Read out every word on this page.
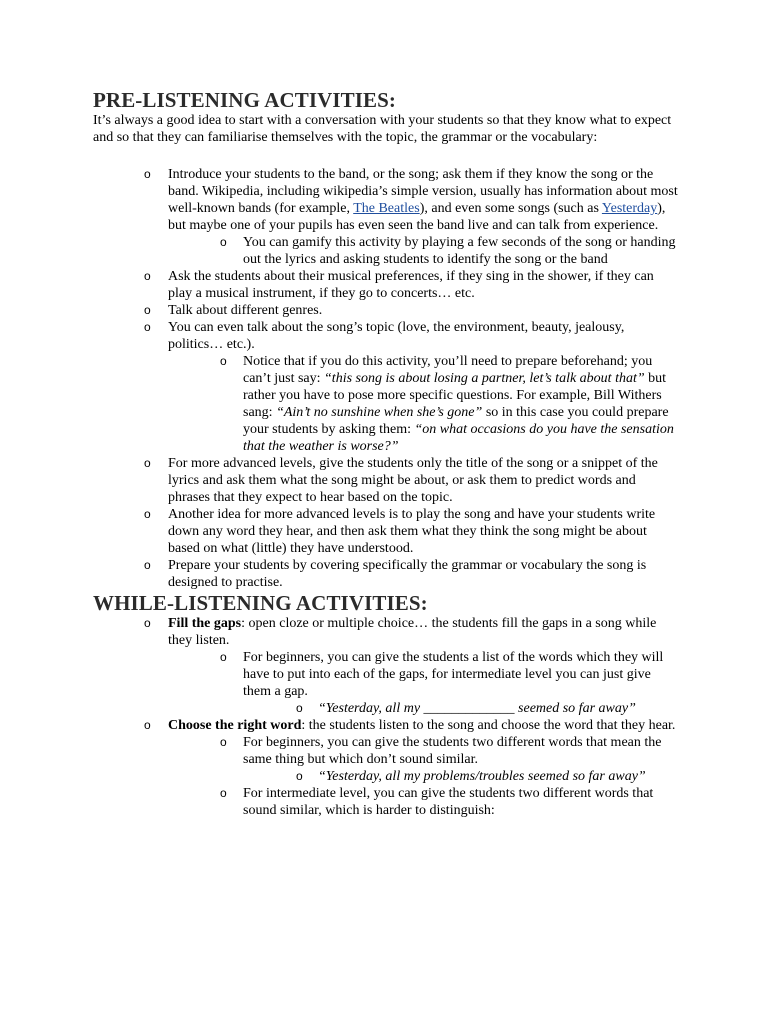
PRE-LISTENING ACTIVITIES:

It’s always a good idea to start with a conversation with your students so that they know what to expect and so that they can familiarise themselves with the topic, the grammar or the vocabulary:

o Introduce your students to the band, or the song; ask them if they know the song or the band. Wikipedia, including wikipedia’s simple version, usually has information about most well-known bands (for example, The Beatles), and even some songs (such as Yesterday), but maybe one of your pupils has even seen the band live and can talk from experience.
o You can gamify this activity by playing a few seconds of the song or handing out the lyrics and asking students to identify the song or the band
o Ask the students about their musical preferences, if they sing in the shower, if they can play a musical instrument, if they go to concerts… etc.
o Talk about different genres.
o You can even talk about the song’s topic (love, the environment, beauty, jealousy, politics… etc.).
o Notice that if you do this activity, you’ll need to prepare beforehand; you can’t just say: “this song is about losing a partner, let’s talk about that” but rather you have to pose more specific questions. For example, Bill Withers sang: “Ain’t no sunshine when she’s gone” so in this case you could prepare your students by asking them: “on what occasions do you have the sensation that the weather is worse?”
o For more advanced levels, give the students only the title of the song or a snippet of the lyrics and ask them what the song might be about, or ask them to predict words and phrases that they expect to hear based on the topic.
o Another idea for more advanced levels is to play the song and have your students write down any word they hear, and then ask them what they think the song might be about based on what (little) they have understood.
o Prepare your students by covering specifically the grammar or vocabulary the song is designed to practise.
WHILE-LISTENING ACTIVITIES:
o Fill the gaps: open cloze or multiple choice… the students fill the gaps in a song while they listen.
o For beginners, you can give the students a list of the words which they will have to put into each of the gaps, for intermediate level you can just give them a gap.
o “Yesterday, all my _____________ seemed so far away”
o Choose the right word: the students listen to the song and choose the word that they hear.
o For beginners, you can give the students two different words that mean the same thing but which don’t sound similar.
o “Yesterday, all my problems/troubles seemed so far away”
o For intermediate level, you can give the students two different words that sound similar, which is harder to distinguish:
